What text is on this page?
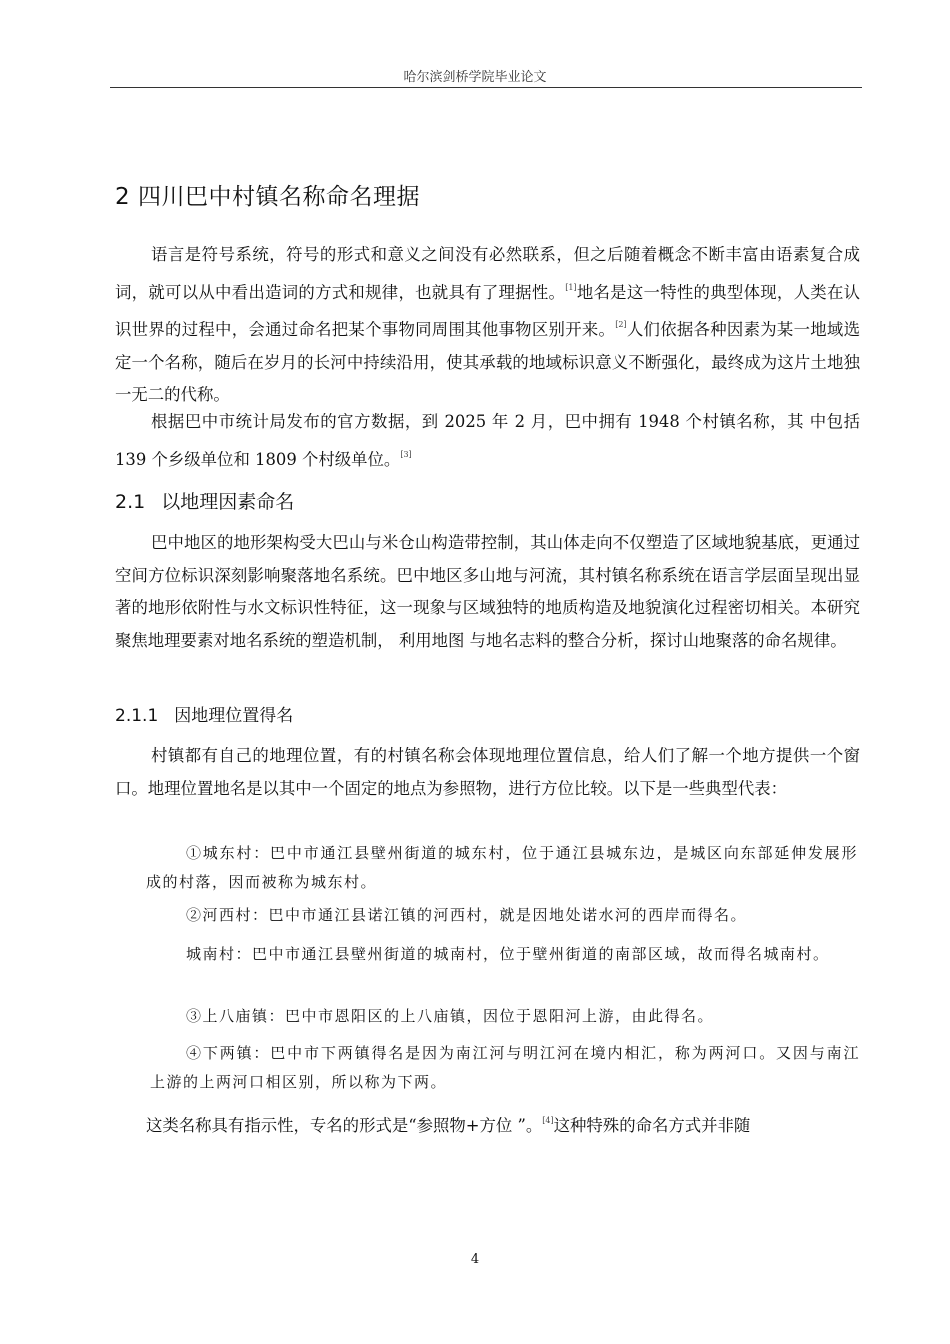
哈尔滨剑桥学院毕业论文
2 四川巴中村镇名称命名理据
语言是符号系统，符号的形式和意义之间没有必然联系，但之后随着概念不断丰富由语素复合成词，就可以从中看出造词的方式和规律，也就具有了理据性。[1]地名是这一特性的典型体现，人类在认识世界的过程中，会通过命名把某个事物同周围其他事物区别开来。[2]人们依据各种因素为某一地域选定一个名称，随后在岁月的长河中持续沿用，使其承载的地域标识意义不断强化，最终成为这片土地独一无二的代称。
根据巴中市统计局发布的官方数据，到 2025 年 2 月，巴中拥有 1948 个村镇名称，其 中包括 139 个乡级单位和 1809 个村级单位。[3]
2.1 以地理因素命名
巴中地区的地形架构受大巴山与米仓山构造带控制，其山体走向不仅塑造了区域地貌基底，更通过空间方位标识深刻影响聚落地名系统。巴中地区多山地与河流，其村镇名称系统在语言学层面呈现出显著的地形依附性与水文标识性特征，这一现象与区域独特的地质构造及地貌演化过程密切相关。本研究聚焦地理要素对地名系统的塑造机制， 利用地图 与地名志料的整合分析，探讨山地聚落的命名规律。
2.1.1 因地理位置得名
村镇都有自己的地理位置，有的村镇名称会体现地理位置信息，给人们了解一个地方提供一个窗口。地理位置地名是以其中一个固定的地点为参照物，进行方位比较。以下是一些典型代表：
①城东村：巴中市通江县壁州街道的城东村，位于通江县城东边，是城区向东部延伸发展形成的村落，因而被称为城东村。
②河西村：巴中市通江县诺江镇的河西村，就是因地处诺水河的西岸而得名。
城南村：巴中市通江县壁州街道的城南村，位于壁州街道的南部区域，故而得名城南村。
③上八庙镇：巴中市恩阳区的上八庙镇，因位于恩阳河上游，由此得名。
④下两镇：巴中市下两镇得名是因为南江河与明江河在境内相汇，称为两河口。又因与南江上游的上两河口相区别，所以称为下两。
这类名称具有指示性，专名的形式是“参照物+方位 ”。[4]这种特殊的命名方式并非随
4
